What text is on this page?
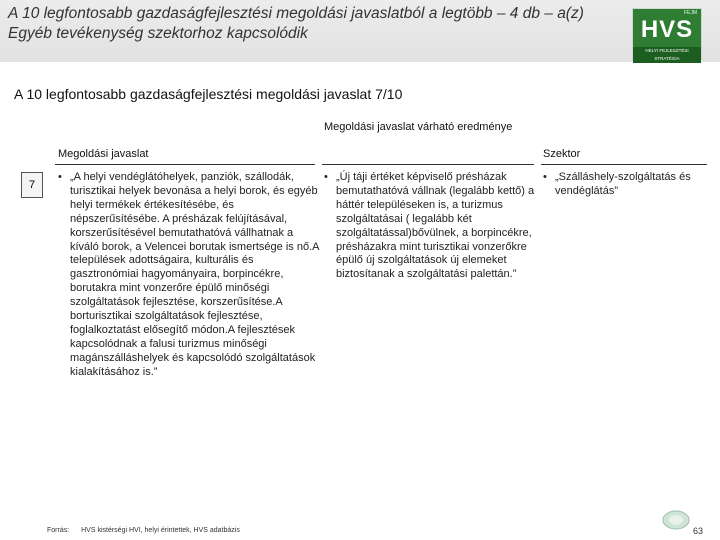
A 10 legfontosabb gazdaságfejlesztési megoldási javaslatból a legtöbb – 4 db – a(z) Egyéb tevékenység szektorhoz kapcsolódik
FEJM
HVS
HELYI FEJLESZTÉSI STRATÉGIA
A 10 legfontosabb gazdaságfejlesztési megoldási javaslat 7/10
Megoldási javaslat
Megoldási javaslat várható eredménye
Szektor
7
• „A helyi vendéglátóhelyek, panziók, szállodák, turisztikai helyek bevonása a helyi borok, és egyéb helyi termékek értékesítésébe, és népszerűsítésébe. A présházak felújításával, korszerűsítésével bemutathatóvá vállhatnak a kíváló borok, a Velencei borutak ismertsége is nő.A települések adottságaira, kulturális és gasztronómiai hagyományaira, borpincékre, borutakra mint vonzerőre épülő minőségi szolgáltatások fejlesztése, korszerűsítése.A borturisztikai szolgáltatások fejlesztése, foglalkoztatást elősegítő módon.A fejlesztések kapcsolódnak a falusi turizmus minőségi magánszálláshelyek és kapcsolódó szolgáltatások kialakításához is.”
• „Új táji értéket képviselő présházak bemutathatóvá vállnak (legalább kettő) a háttér településeken is, a turizmus szolgáltatásai ( legalább két szolgáltatással)bővülnek, a borpincékre, présházakra mint turisztikai vonzerőkre épülő új szolgáltatások új elemeket biztosítanak a szolgáltatási palettán.”
• „Szálláshely-szolgáltatás és vendéglátás”
Forrás: HVS kistérségi HVI, helyi érintettek, HVS adatbázis	63
